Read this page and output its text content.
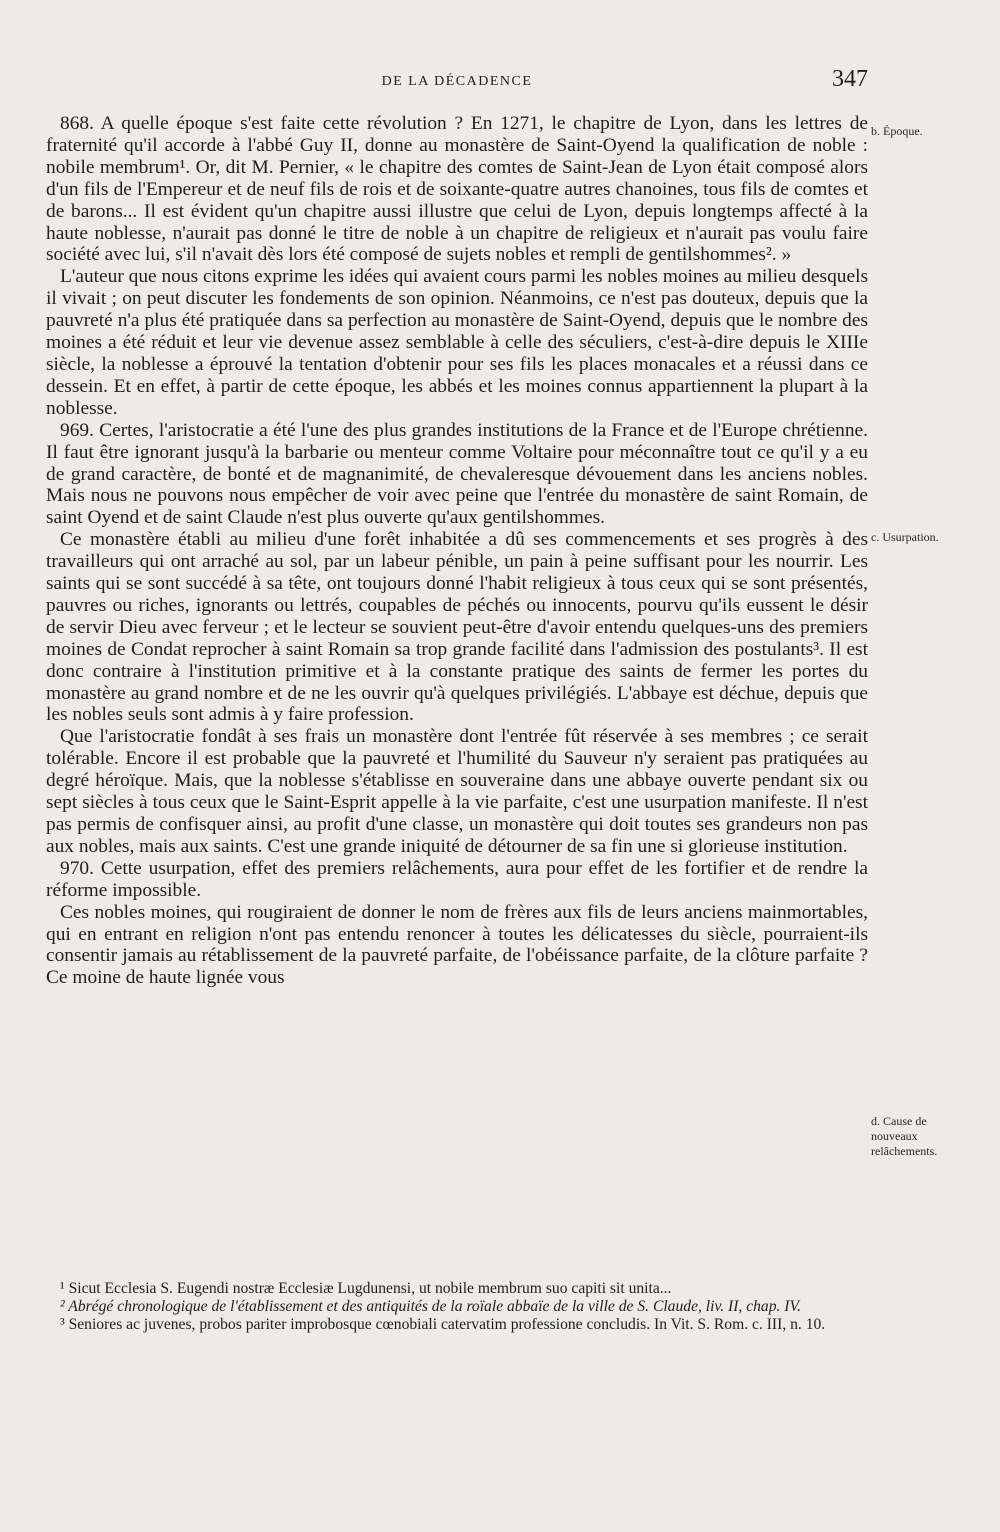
DE LA DÉCADENCE	347

868. A quelle époque s'est faite cette révolution ? En 1271, le chapitre de Lyon, dans les lettres de fraternité qu'il accorde à l'abbé Guy II, donne au monastère de Saint-Oyend la qualification de noble : nobile membrum¹. Or, dit M. Pernier, « le chapitre des comtes de Saint-Jean de Lyon était composé alors d'un fils de l'Empereur et de neuf fils de rois et de soixante-quatre autres chanoines, tous fils de comtes et de barons... Il est évident qu'un chapitre aussi illustre que celui de Lyon, depuis longtemps affecté à la haute noblesse, n'aurait pas donné le titre de noble à un chapitre de religieux et n'aurait pas voulu faire société avec lui, s'il n'avait dès lors été composé de sujets nobles et rempli de gentilshommes². »

L'auteur que nous citons exprime les idées qui avaient cours parmi les nobles moines au milieu desquels il vivait ; on peut discuter les fondements de son opinion. Néanmoins, ce n'est pas douteux, depuis que la pauvreté n'a plus été pratiquée dans sa perfection au monastère de Saint-Oyend, depuis que le nombre des moines a été réduit et leur vie devenue assez semblable à celle des séculiers, c'est-à-dire depuis le XIIIe siècle, la noblesse a éprouvé la tentation d'obtenir pour ses fils les places monacales et a réussi dans ce dessein. Et en effet, à partir de cette époque, les abbés et les moines connus appartiennent la plupart à la noblesse.

969. Certes, l'aristocratie a été l'une des plus grandes institutions de la France et de l'Europe chrétienne. Il faut être ignorant jusqu'à la barbarie ou menteur comme Voltaire pour méconnaître tout ce qu'il y a eu de grand caractère, de bonté et de magnanimité, de chevaleresque dévouement dans les anciens nobles. Mais nous ne pouvons nous empêcher de voir avec peine que l'entrée du monastère de saint Romain, de saint Oyend et de saint Claude n'est plus ouverte qu'aux gentilshommes.

Ce monastère établi au milieu d'une forêt inhabitée a dû ses commencements et ses progrès à des travailleurs qui ont arraché au sol, par un labeur pénible, un pain à peine suffisant pour les nourrir. Les saints qui se sont succédé à sa tête, ont toujours donné l'habit religieux à tous ceux qui se sont présentés, pauvres ou riches, ignorants ou lettrés, coupables de péchés ou innocents, pourvu qu'ils eussent le désir de servir Dieu avec ferveur ; et le lecteur se souvient peut-être d'avoir entendu quelques-uns des premiers moines de Condat reprocher à saint Romain sa trop grande facilité dans l'admission des postulants³. Il est donc contraire à l'institution primitive et à la constante pratique des saints de fermer les portes du monastère au grand nombre et de ne les ouvrir qu'à quelques privilégiés. L'abbaye est déchue, depuis que les nobles seuls sont admis à y faire profession.

Que l'aristocratie fondât à ses frais un monastère dont l'entrée fût réservée à ses membres ; ce serait tolérable. Encore il est probable que la pauvreté et l'humilité du Sauveur n'y seraient pas pratiquées au degré héroïque. Mais, que la noblesse s'établisse en souveraine dans une abbaye ouverte pendant six ou sept siècles à tous ceux que le Saint-Esprit appelle à la vie parfaite, c'est une usurpation manifeste. Il n'est pas permis de confisquer ainsi, au profit d'une classe, un monastère qui doit toutes ses grandeurs non pas aux nobles, mais aux saints. C'est une grande iniquité de détourner de sa fin une si glorieuse institution.

970. Cette usurpation, effet des premiers relâchements, aura pour effet de les fortifier et de rendre la réforme impossible.

Ces nobles moines, qui rougiraient de donner le nom de frères aux fils de leurs anciens mainmortables, qui en entrant en religion n'ont pas entendu renoncer à toutes les délicatesses du siècle, pourraient-ils consentir jamais au rétablissement de la pauvreté parfaite, de l'obéissance parfaite, de la clôture parfaite ? Ce moine de haute lignée vous

b. Époque.
c. Usurpation.
d. Cause de nouveaux relâchements.

¹ Sicut Ecclesia S. Eugendi nostræ Ecclesiæ Lugdunensi, ut nobile membrum suo capiti sit unita...

² Abrégé chronologique de l'établissement et des antiquités de la roïale abbaïe de la ville de S. Claude, liv. II, chap. IV.

³ Seniores ac juvenes, probos pariter improbosque cœnobiali catervatim professione concludis. In Vit. S. Rom. c. III, n. 10.
